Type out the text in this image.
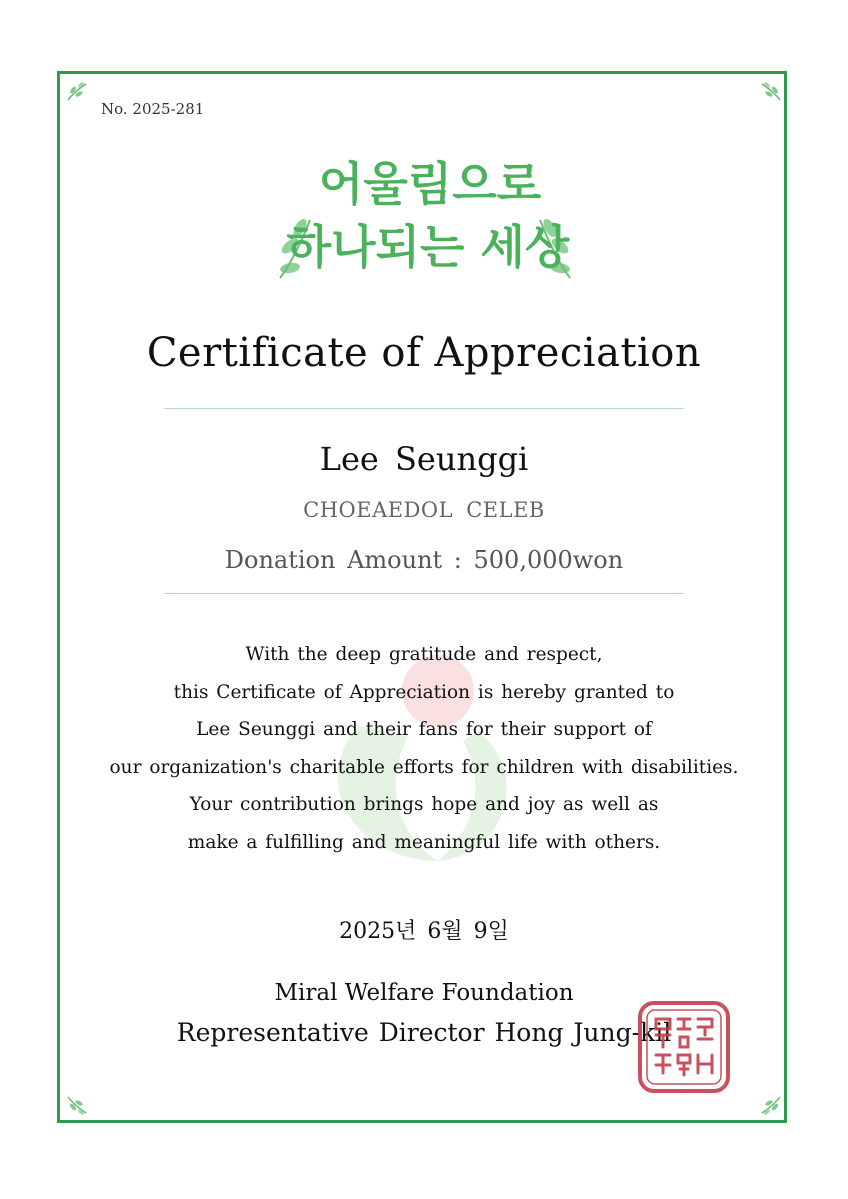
No. 2025-281
어울림으로
하나되는 세상
Certificate of Appreciation
Lee Seunggi
CHOEAEDOL CELEB
Donation Amount : 500,000won
With the deep gratitude and respect,
this Certificate of Appreciation is hereby granted to
Lee Seunggi and their fans for their support of
our organization's charitable efforts for children with disabilities.
Your contribution brings hope and joy as well as
make a fulfilling and meaningful life with others.
2025년 6월 9일
Miral Welfare Foundation
Representative Director Hong Jung-kil
미랄복지재단
